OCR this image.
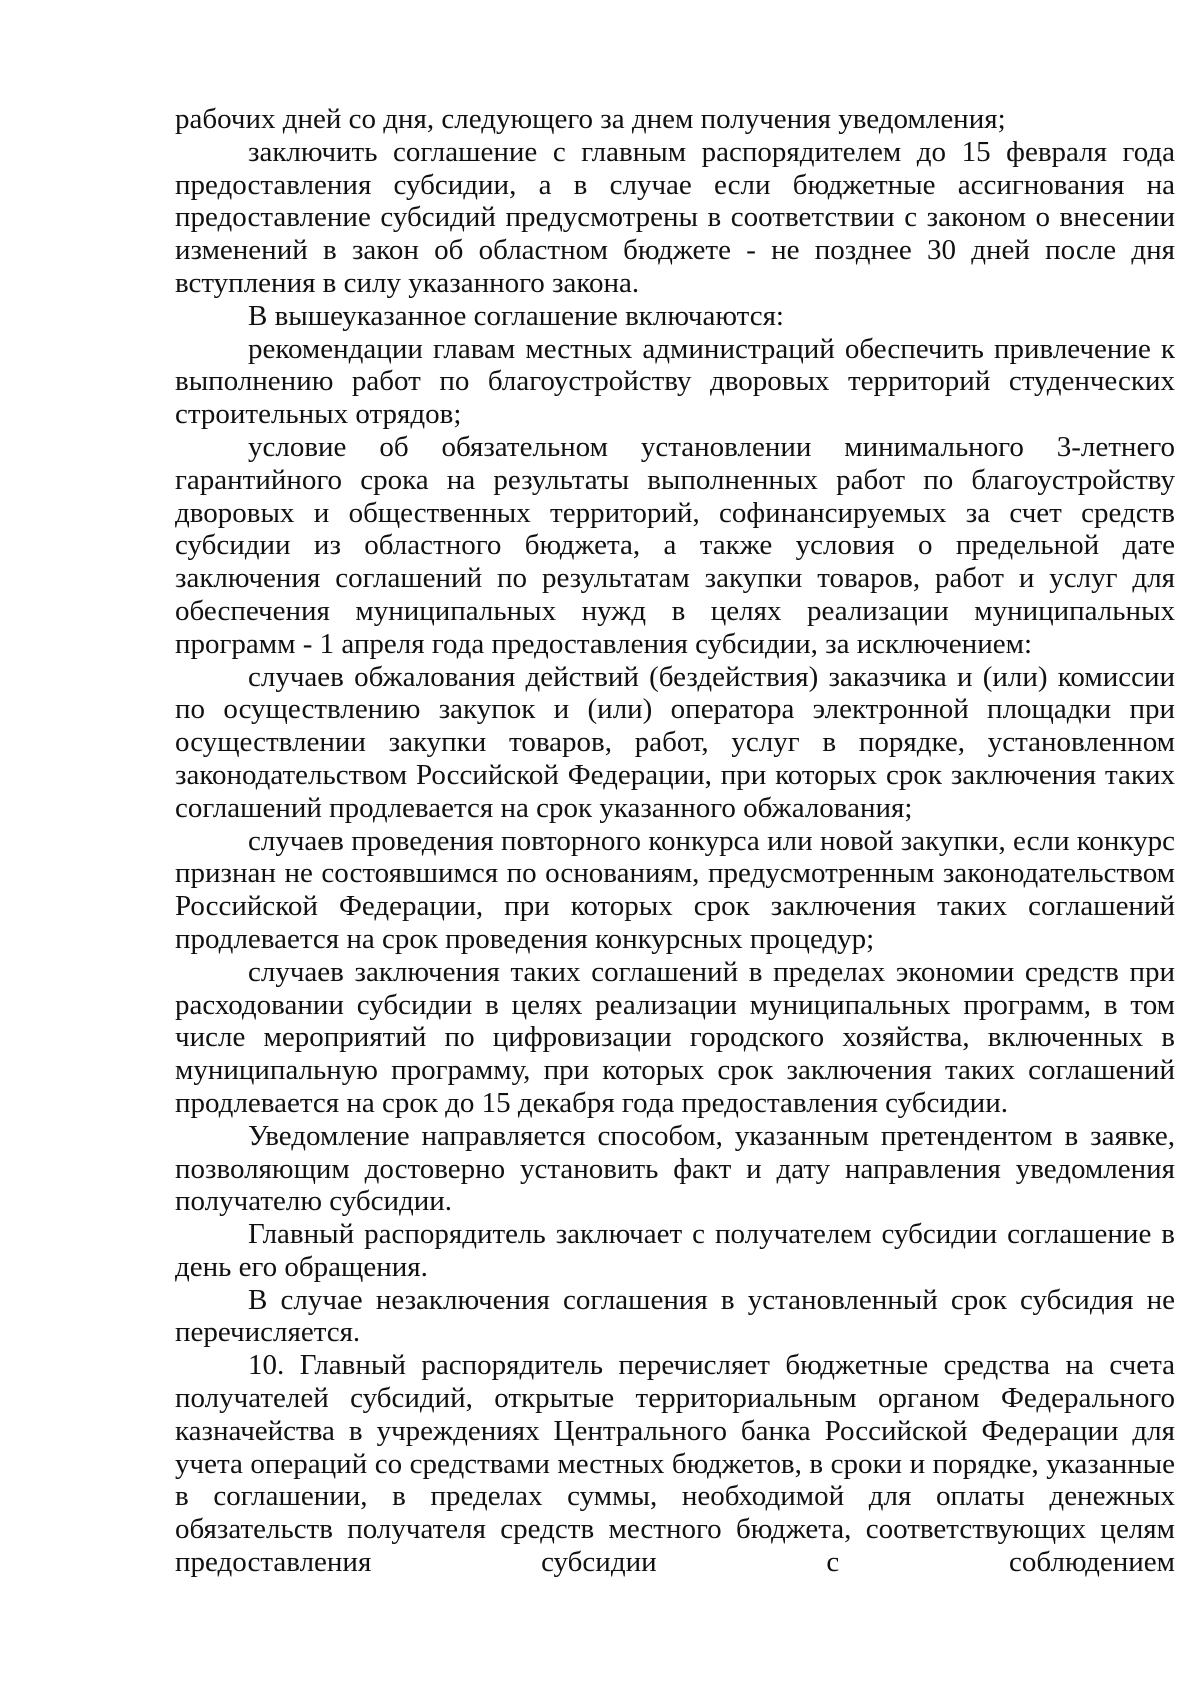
рабочих дней со дня, следующего за днем получения уведомления;

заключить соглашение с главным распорядителем до 15 февраля года предоставления субсидии, а в случае если бюджетные ассигнования на предоставление субсидий предусмотрены в соответствии с законом о внесении изменений в закон об областном бюджете - не позднее 30 дней после дня вступления в силу указанного закона.

В вышеуказанное соглашение включаются:

рекомендации главам местных администраций обеспечить привлечение к выполнению работ по благоустройству дворовых территорий студенческих строительных отрядов;

условие об обязательном установлении минимального 3-летнего гарантийного срока на результаты выполненных работ по благоустройству дворовых и общественных территорий, софинансируемых за счет средств субсидии из областного бюджета, а также условия о предельной дате заключения соглашений по результатам закупки товаров, работ и услуг для обеспечения муниципальных нужд в целях реализации муниципальных программ - 1 апреля года предоставления субсидии, за исключением:

случаев обжалования действий (бездействия) заказчика и (или) комиссии по осуществлению закупок и (или) оператора электронной площадки при осуществлении закупки товаров, работ, услуг в порядке, установленном законодательством Российской Федерации, при которых срок заключения таких соглашений продлевается на срок указанного обжалования;

случаев проведения повторного конкурса или новой закупки, если конкурс признан не состоявшимся по основаниям, предусмотренным законодательством Российской Федерации, при которых срок заключения таких соглашений продлевается на срок проведения конкурсных процедур;

случаев заключения таких соглашений в пределах экономии средств при расходовании субсидии в целях реализации муниципальных программ, в том числе мероприятий по цифровизации городского хозяйства, включенных в муниципальную программу, при которых срок заключения таких соглашений продлевается на срок до 15 декабря года предоставления субсидии.

Уведомление направляется способом, указанным претендентом в заявке, позволяющим достоверно установить факт и дату направления уведомления получателю субсидии.

Главный распорядитель заключает с получателем субсидии соглашение в день его обращения.

В случае незаключения соглашения в установленный срок субсидия не перечисляется.

10. Главный распорядитель перечисляет бюджетные средства на счета получателей субсидий, открытые территориальным органом Федерального казначейства в учреждениях Центрального банка Российской Федерации для учета операций со средствами местных бюджетов, в сроки и порядке, указанные в соглашении, в пределах суммы, необходимой для оплаты денежных обязательств получателя средств местного бюджета, соответствующих целям предоставления субсидии с соблюдением
